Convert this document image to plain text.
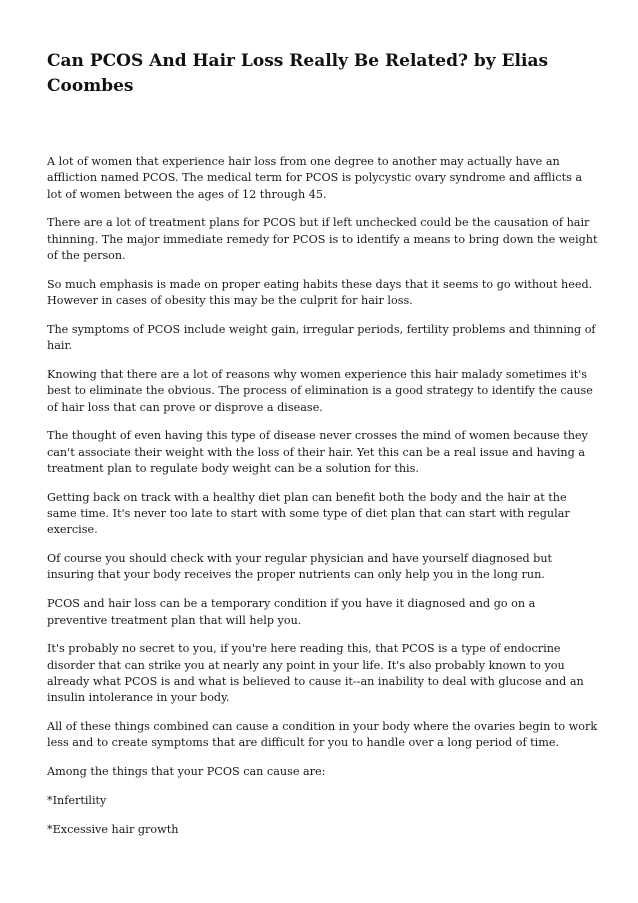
Can PCOS And Hair Loss Really Be Related? by Elias Coombes

A lot of women that experience hair loss from one degree to another may actually have an affliction named PCOS. The medical term for PCOS is polycystic ovary syndrome and afflicts a lot of women between the ages of 12 through 45.

There are a lot of treatment plans for PCOS but if left unchecked could be the causation of hair thinning. The major immediate remedy for PCOS is to identify a means to bring down the weight of the person.

So much emphasis is made on proper eating habits these days that it seems to go without heed. However in cases of obesity this may be the culprit for hair loss.

The symptoms of PCOS include weight gain, irregular periods, fertility problems and thinning of hair.

Knowing that there are a lot of reasons why women experience this hair malady sometimes it's best to eliminate the obvious. The process of elimination is a good strategy to identify the cause of hair loss that can prove or disprove a disease.

The thought of even having this type of disease never crosses the mind of women because they can't associate their weight with the loss of their hair. Yet this can be a real issue and having a treatment plan to regulate body weight can be a solution for this.

Getting back on track with a healthy diet plan can benefit both the body and the hair at the same time. It's never too late to start with some type of diet plan that can start with regular exercise.

Of course you should check with your regular physician and have yourself diagnosed but insuring that your body receives the proper nutrients can only help you in the long run.

PCOS and hair loss can be a temporary condition if you have it diagnosed and go on a preventive treatment plan that will help you.

It's probably no secret to you, if you're here reading this, that PCOS is a type of endocrine disorder that can strike you at nearly any point in your life. It's also probably known to you already what PCOS is and what is believed to cause it--an inability to deal with glucose and an insulin intolerance in your body.

All of these things combined can cause a condition in your body where the ovaries begin to work less and to create symptoms that are difficult for you to handle over a long period of time.

Among the things that your PCOS can cause are:

*Infertility

*Excessive hair growth
